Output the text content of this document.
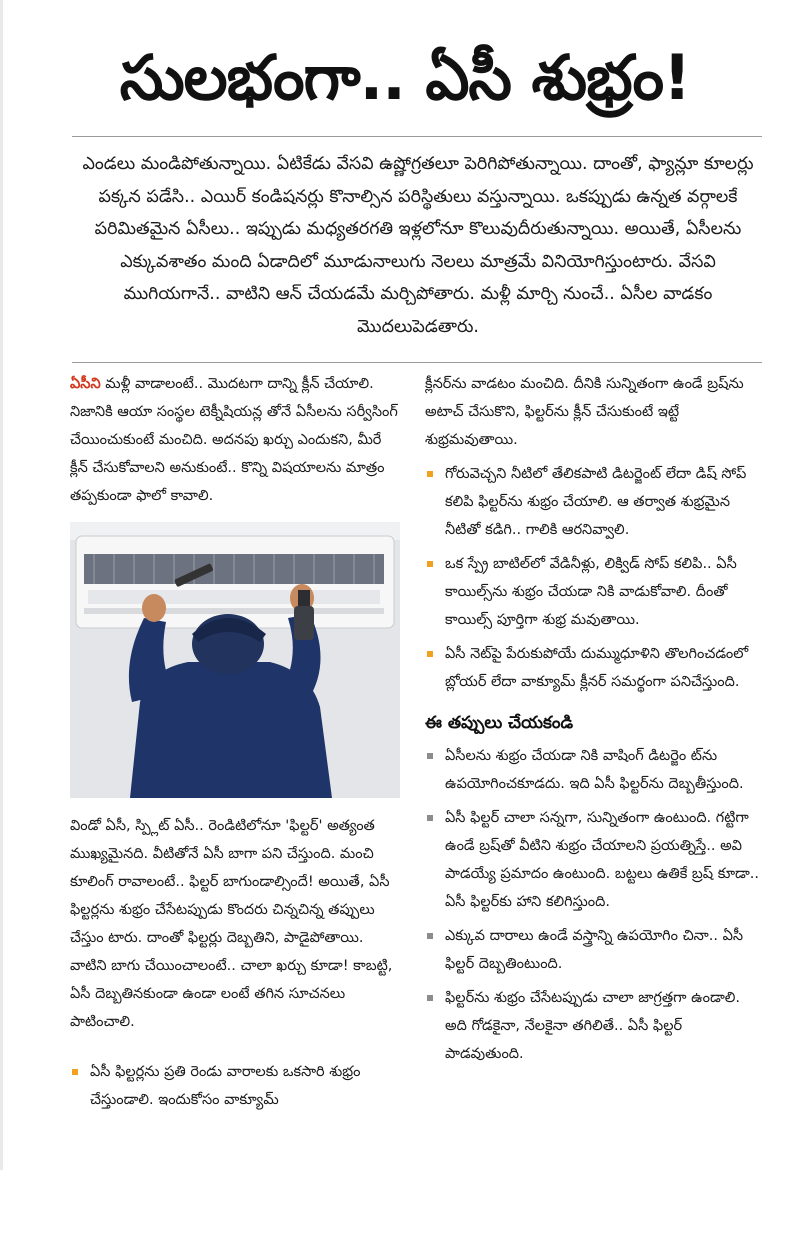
సులభంగా.. ఏసీ శుభ్రం!
ఎండలు మండిపోతున్నాయి. ఏటికేడు వేసవి ఉష్ణోగ్రతలూ పెరిగిపోతున్నాయి. దాంతో, ఫ్యాన్లూ కూలర్లు పక్కన పడేసి.. ఎయిర్ కండిషనర్లు కొనాల్సిన పరిస్థితులు వస్తున్నాయి. ఒకప్పుడు ఉన్నత వర్గాలకే పరిమితమైన ఏసీలు.. ఇప్పుడు మధ్యతరగతి ఇళ్లలోనూ కొలువుదీరుతున్నాయి. అయితే, ఏసీలను ఎక్కువశాతం మంది ఏడాదిలో మూడునాలుగు నెలలు మాత్రమే వినియోగిస్తుంటారు. వేసవి ముగియగానే.. వాటిని ఆన్ చేయడమే మర్చిపోతారు. మళ్లీ మార్చి నుంచే.. ఏసీల వాడకం మొదలుపెడతారు.

ఏసీని మళ్లీ వాడాలంటే.. మొదటగా దాన్ని క్లీన్ చేయాలి. నిజానికి ఆయా సంస్థల టెక్నీషియన్ల తోనే ఏసీలను సర్వీసింగ్ చేయించుకుంటే మంచిది. అదనపు ఖర్చు ఎందుకని, మీరే క్లీన్ చేసుకోవాలని అనుకుంటే.. కొన్ని విషయాలను మాత్రం తప్పకుండా ఫాలో కావాలి.

విండో ఏసీ, స్ప్లిట్ ఏసీ.. రెండిటిలోనూ 'ఫిల్టర్' అత్యంత ముఖ్యమైనది. వీటితోనే ఏసీ బాగా పని చేస్తుంది. మంచి కూలింగ్ రావాలంటే.. ఫిల్టర్ బాగుండాల్సిందే! అయితే, ఏసీ ఫిల్టర్లను శుభ్రం చేసేటప్పుడు కొందరు చిన్నచిన్న తప్పులు చేస్తుం టారు. దాంతో ఫిల్టర్లు దెబ్బతిని, పాడైపోతాయి. వాటిని బాగు చేయించాలంటే.. చాలా ఖర్చు కూడా! కాబట్టి, ఏసీ దెబ్బతినకుండా ఉండా లంటే తగిన సూచనలు పాటించాలి.

ఏసీ ఫిల్టర్లను ప్రతి రెండు వారాలకు ఒకసారి శుభ్రం చేస్తుండాలి. ఇందుకోసం వాక్యూమ్

క్లీనర్‌ను వాడటం మంచిది. దీనికి సున్నితంగా ఉండే బ్రష్‌ను అటాచ్ చేసుకొని, ఫిల్టర్‌ను క్లీన్ చేసుకుంటే ఇట్టే శుభ్రమవుతాయి.

గోరువెచ్చని నీటిలో తేలికపాటి డిటర్జెంట్ లేదా డిష్ సోప్ కలిపి ఫిల్టర్‌ను శుభ్రం చేయాలి. ఆ తర్వాత శుభ్రమైన నీటితో కడిగి.. గాలికి ఆరనివ్వాలి.
ఒక స్ప్రే బాటిల్‌లో వేడినీళ్లు, లిక్విడ్ సోప్ కలిపి.. ఏసీ కాయిల్స్‌ను శుభ్రం చేయడా నికి వాడుకోవాలి. దీంతో కాయిల్స్ పూర్తిగా శుభ్ర మవుతాయి.
ఏసీ నెట్‌పై పేరుకుపోయే దుమ్ముధూళిని తొలగించడంలో బ్లోయర్ లేదా వాక్యూమ్ క్లీనర్ సమర్థంగా పనిచేస్తుంది.
ఈ తప్పులు చేయకండి
ఏసీలను శుభ్రం చేయడా నికి వాషింగ్ డిటర్జెం ట్‌ను ఉపయోగించకూడదు. ఇది ఏసీ ఫిల్టర్‌ను దెబ్బతీస్తుంది.
ఏసీ ఫిల్టర్ చాలా సన్నగా, సున్నితంగా ఉంటుంది. గట్టిగా ఉండే బ్రష్‌తో వీటిని శుభ్రం చేయాలని ప్రయత్నిస్తే.. అవి పాడయ్యే ప్రమాదం ఉంటుంది. బట్టలు ఉతికే బ్రష్ కూడా.. ఏసీ ఫిల్టర్‌కు హాని కలిగిస్తుంది.
ఎక్కువ దారాలు ఉండే వస్త్రాన్ని ఉపయోగిం చినా.. ఏసీ ఫిల్టర్ దెబ్బతింటుంది.
ఫిల్టర్‌ను శుభ్రం చేసేటప్పుడు చాలా జాగ్రత్తగా ఉండాలి. అది గోడకైనా, నేలకైనా తగిలితే.. ఏసీ ఫిల్టర్ పాడవుతుంది.
